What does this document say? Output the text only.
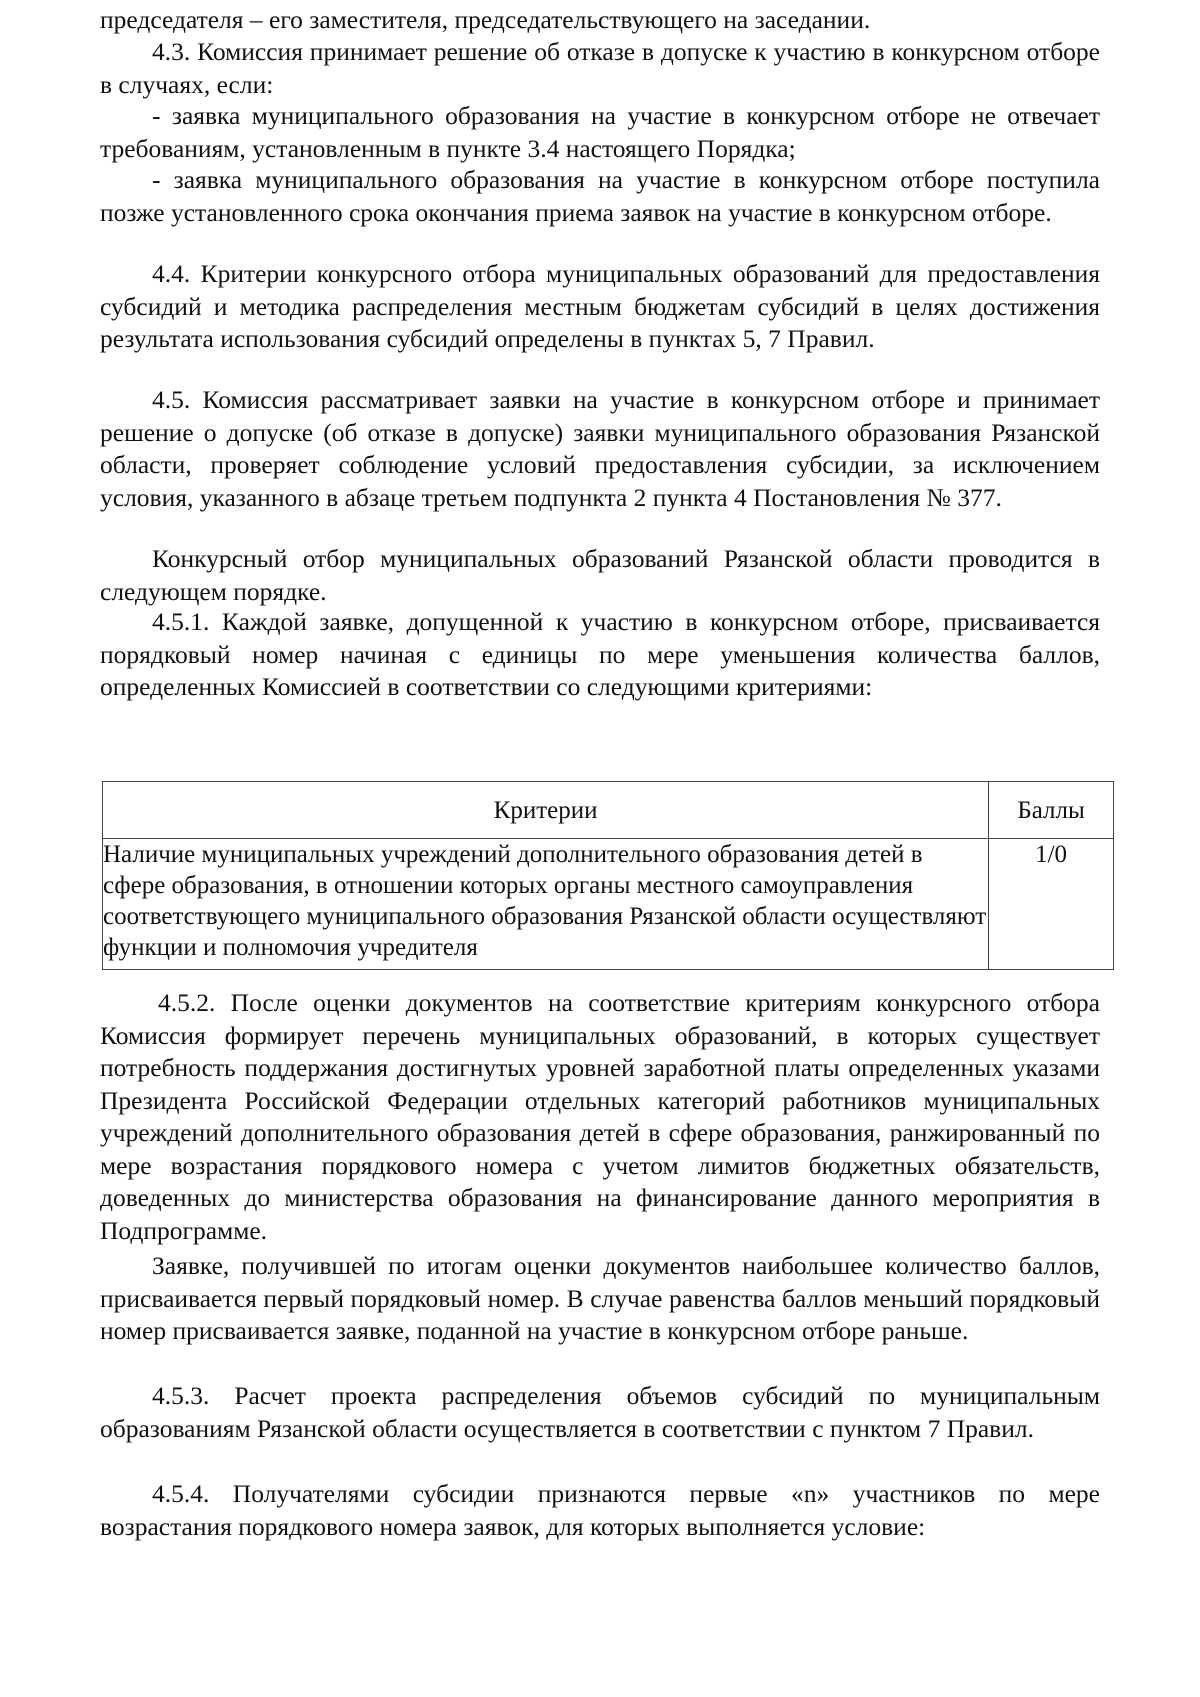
председателя – его заместителя, председательствующего на заседании.

4.3. Комиссия принимает решение об отказе в допуске к участию в конкурсном отборе в случаях, если:

- заявка муниципального образования на участие в конкурсном отборе не отвечает требованиям, установленным в пункте 3.4 настоящего Порядка;

- заявка муниципального образования на участие в конкурсном отборе поступила позже установленного срока окончания приема заявок на участие в конкурсном отборе.

4.4. Критерии конкурсного отбора муниципальных образований для предоставления субсидий и методика распределения местным бюджетам субсидий в целях достижения результата использования субсидий определены в пунктах 5, 7 Правил.

4.5. Комиссия рассматривает заявки на участие в конкурсном отборе и принимает решение о допуске (об отказе в допуске) заявки муниципального образования Рязанской области, проверяет соблюдение условий предоставления субсидии, за исключением условия, указанного в абзаце третьем подпункта 2 пункта 4 Постановления № 377.

Конкурсный отбор муниципальных образований Рязанской области проводится в следующем порядке.

4.5.1. Каждой заявке, допущенной к участию в конкурсном отборе, присваивается порядковый номер начиная с единицы по мере уменьшения количества баллов, определенных Комиссией в соответствии со следующими критериями:

Критерии	Баллы
Наличие муниципальных учреждений дополнительного образования детей в сфере образования, в отношении которых органы местного самоуправления соответствующего муниципального образования Рязанской области осуществляют функции и полномочия учредителя	1/0

4.5.2. После оценки документов на соответствие критериям конкурсного отбора Комиссия формирует перечень муниципальных образований, в которых существует потребность поддержания достигнутых уровней заработной платы определенных указами Президента Российской Федерации отдельных категорий работников муниципальных учреждений дополнительного образования детей в сфере образования, ранжированный по мере возрастания порядкового номера с учетом лимитов бюджетных обязательств, доведенных до министерства образования на финансирование данного мероприятия в Подпрограмме.

Заявке, получившей по итогам оценки документов наибольшее количество баллов, присваивается первый порядковый номер. В случае равенства баллов меньший порядковый номер присваивается заявке, поданной на участие в конкурсном отборе раньше.

4.5.3. Расчет проекта распределения объемов субсидий по муниципальным образованиям Рязанской области осуществляется в соответствии с пунктом 7 Правил.

4.5.4. Получателями субсидии признаются первые «n» участников по мере возрастания порядкового номера заявок, для которых выполняется условие:
